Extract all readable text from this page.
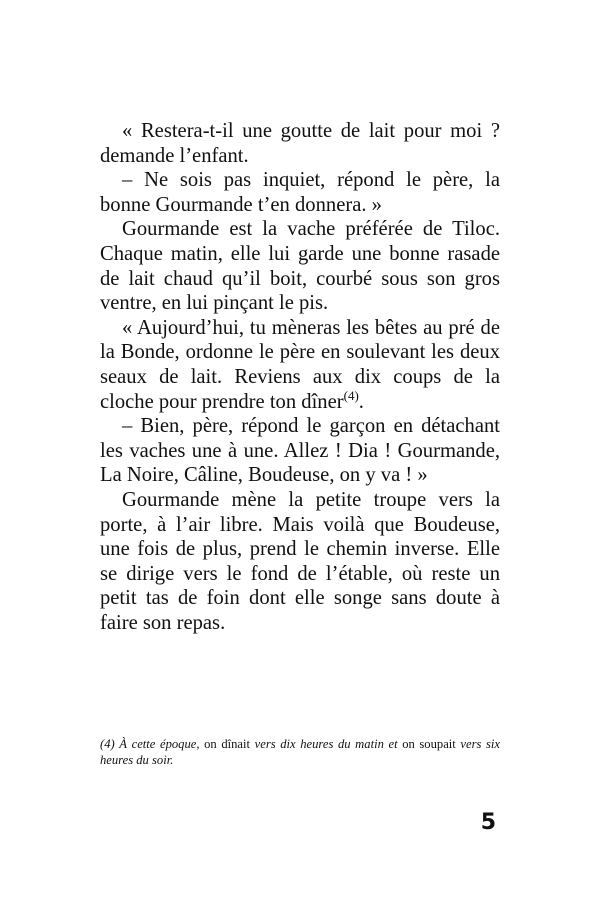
« Restera-t-il une goutte de lait pour moi ? demande l’enfant.

– Ne sois pas inquiet, répond le père, la bonne Gourmande t’en donnera. »

Gourmande est la vache préférée de Tiloc. Chaque matin, elle lui garde une bonne rasade de lait chaud qu’il boit, courbé sous son gros ventre, en lui pinçant le pis.

« Aujourd’hui, tu mèneras les bêtes au pré de la Bonde, ordonne le père en soulevant les deux seaux de lait. Reviens aux dix coups de la cloche pour prendre ton dîner$^{(4)}$.

– Bien, père, répond le garçon en détachant les vaches une à une. Allez ! Dia ! Gourmande, La Noire, Câline, Boudeuse, on y va ! »

Gourmande mène la petite troupe vers la porte, à l’air libre. Mais voilà que Boudeuse, une fois de plus, prend le chemin inverse. Elle se dirige vers le fond de l’étable, où reste un petit tas de foin dont elle songe sans doute à faire son repas.

(4) À cette époque, on dînait vers dix heures du matin et on soupait vers six heures du soir.

5
